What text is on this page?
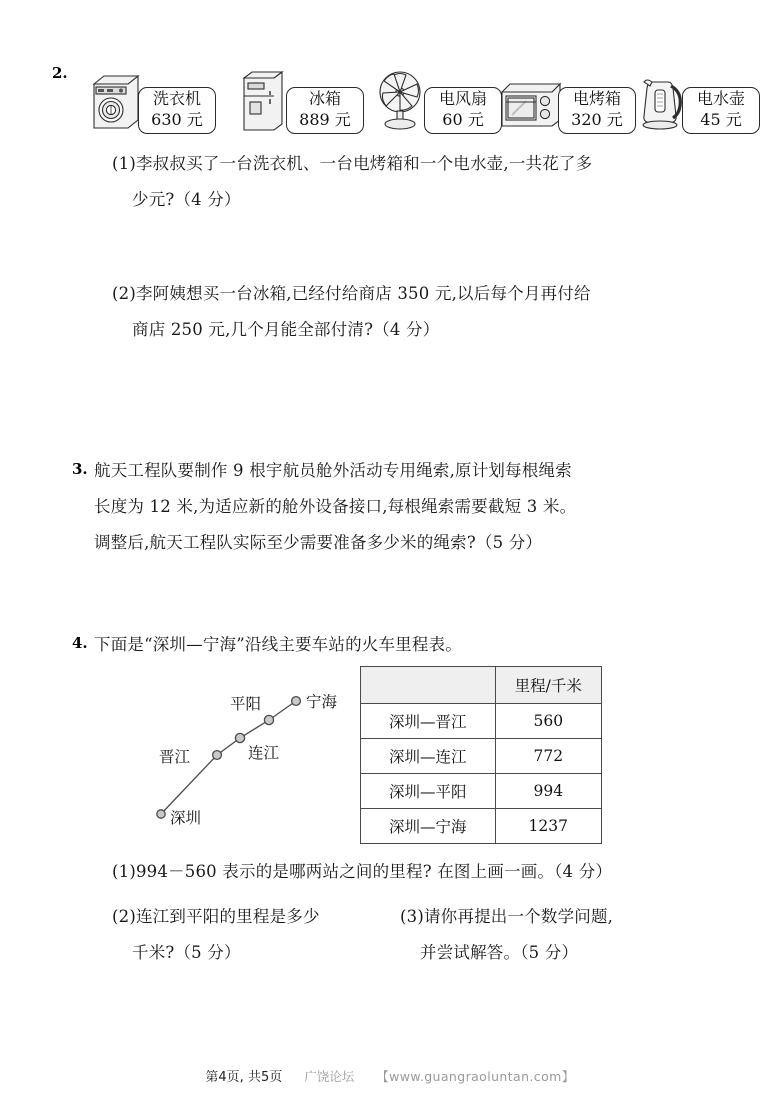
2.
洗衣机
630 元
冰箱
889 元
电风扇
60 元
电烤箱
320 元
电水壶
45 元
(1)李叔叔买了一台洗衣机、一台电烤箱和一个电水壶,一共花了多
少元?（4 分）
(2)李阿姨想买一台冰箱,已经付给商店 350 元,以后每个月再付给
商店 250 元,几个月能全部付清?（4 分）
3. 航天工程队要制作 9 根宇航员舱外活动专用绳索,原计划每根绳索
长度为 12 米,为适应新的舱外设备接口,每根绳索需要截短 3 米。
调整后,航天工程队实际至少需要准备多少米的绳索?（5 分）
4. 下面是“深圳—宁海”沿线主要车站的火车里程表。
深圳
晋江	连江
平阳	宁海
	里程/千米
深圳—晋江	560
深圳—连江	772
深圳—平阳	994
深圳—宁海	1237
(1)994－560 表示的是哪两站之间的里程? 在图上画一画。（4 分）
(2)连江到平阳的里程是多少
千米?（5 分）
(3)请你再提出一个数学问题,
并尝试解答。（5 分）
第4页, 共5页 广饶论坛 【www.guangraoluntan.com】
